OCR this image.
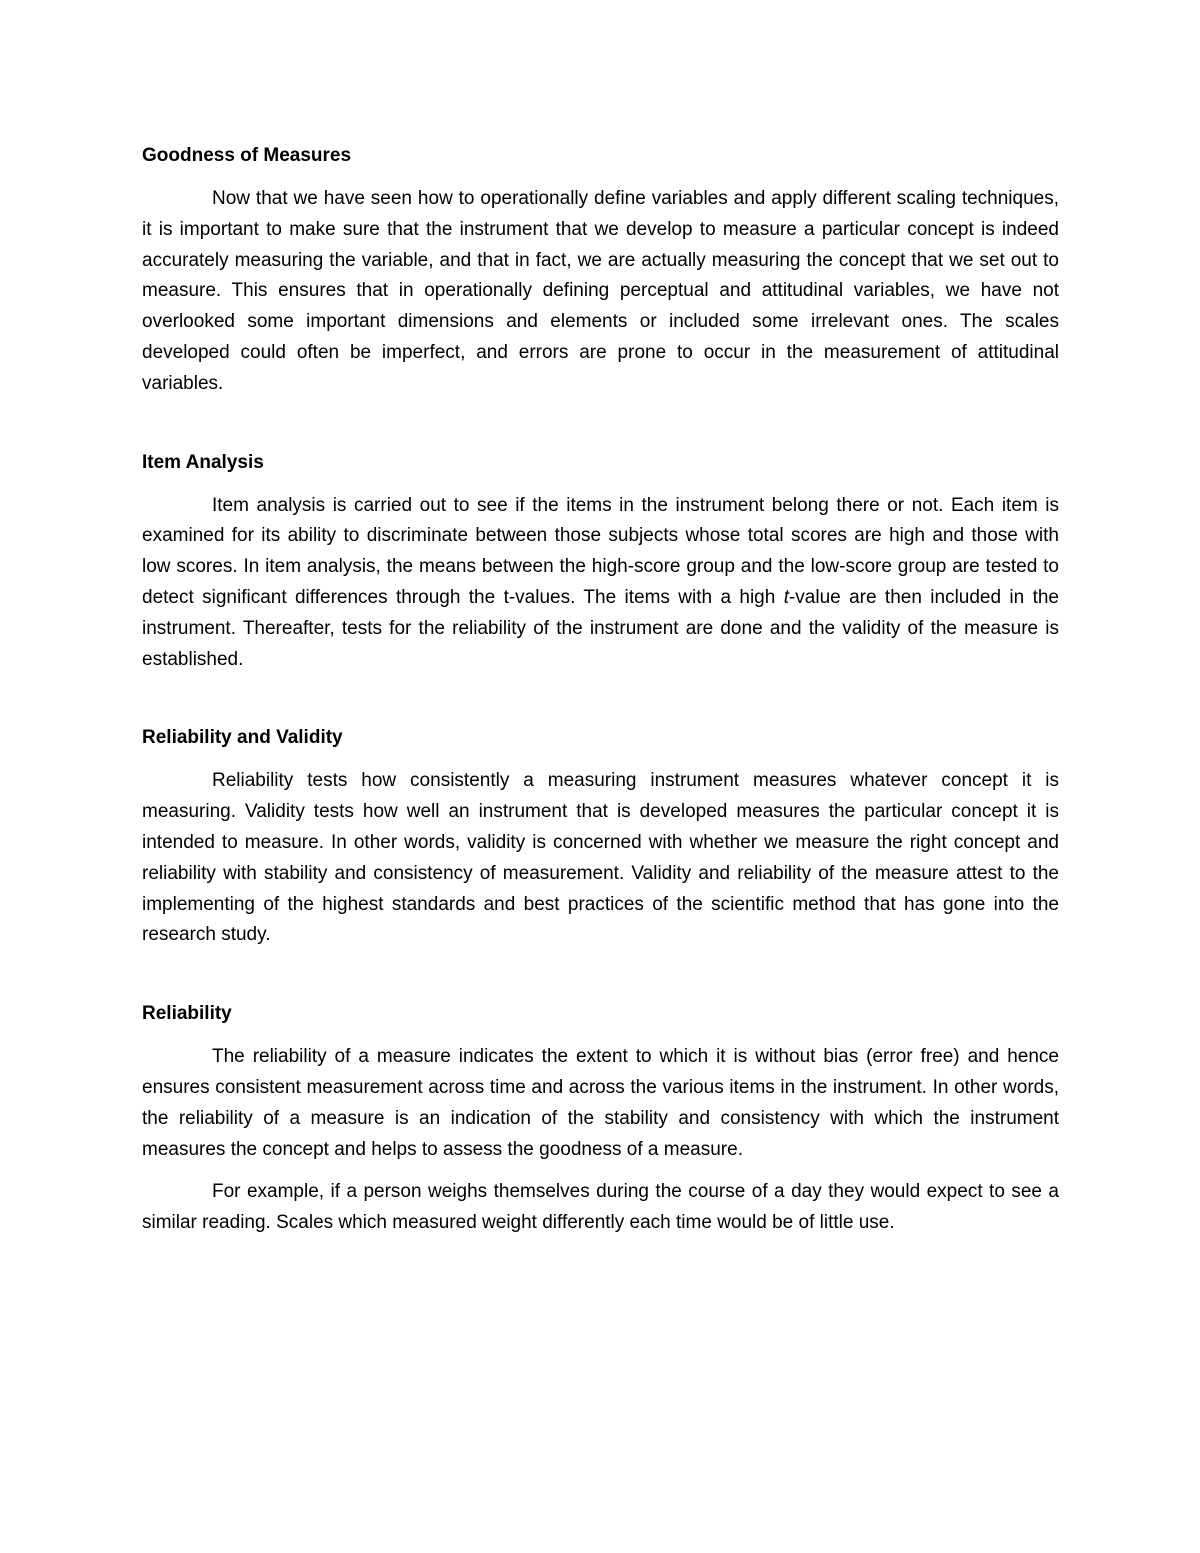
Goodness of Measures

Now that we have seen how to operationally define variables and apply different scaling techniques, it is important to make sure that the instrument that we develop to measure a particular concept is indeed accurately measuring the variable, and that in fact, we are actually measuring the concept that we set out to measure. This ensures that in operationally defining perceptual and attitudinal variables, we have not overlooked some important dimensions and elements or included some irrelevant ones. The scales developed could often be imperfect, and errors are prone to occur in the measurement of attitudinal variables.

Item Analysis

Item analysis is carried out to see if the items in the instrument belong there or not. Each item is examined for its ability to discriminate between those subjects whose total scores are high and those with low scores. In item analysis, the means between the high-score group and the low-score group are tested to detect significant differences through the t-values. The items with a high t-value are then included in the instrument. Thereafter, tests for the reliability of the instrument are done and the validity of the measure is established.

Reliability and Validity

Reliability tests how consistently a measuring instrument measures whatever concept it is measuring. Validity tests how well an instrument that is developed measures the particular concept it is intended to measure. In other words, validity is concerned with whether we measure the right concept and reliability with stability and consistency of measurement. Validity and reliability of the measure attest to the implementing of the highest standards and best practices of the scientific method that has gone into the research study.

Reliability

The reliability of a measure indicates the extent to which it is without bias (error free) and hence ensures consistent measurement across time and across the various items in the instrument. In other words, the reliability of a measure is an indication of the stability and consistency with which the instrument measures the concept and helps to assess the goodness of a measure.

For example, if a person weighs themselves during the course of a day they would expect to see a similar reading. Scales which measured weight differently each time would be of little use.
